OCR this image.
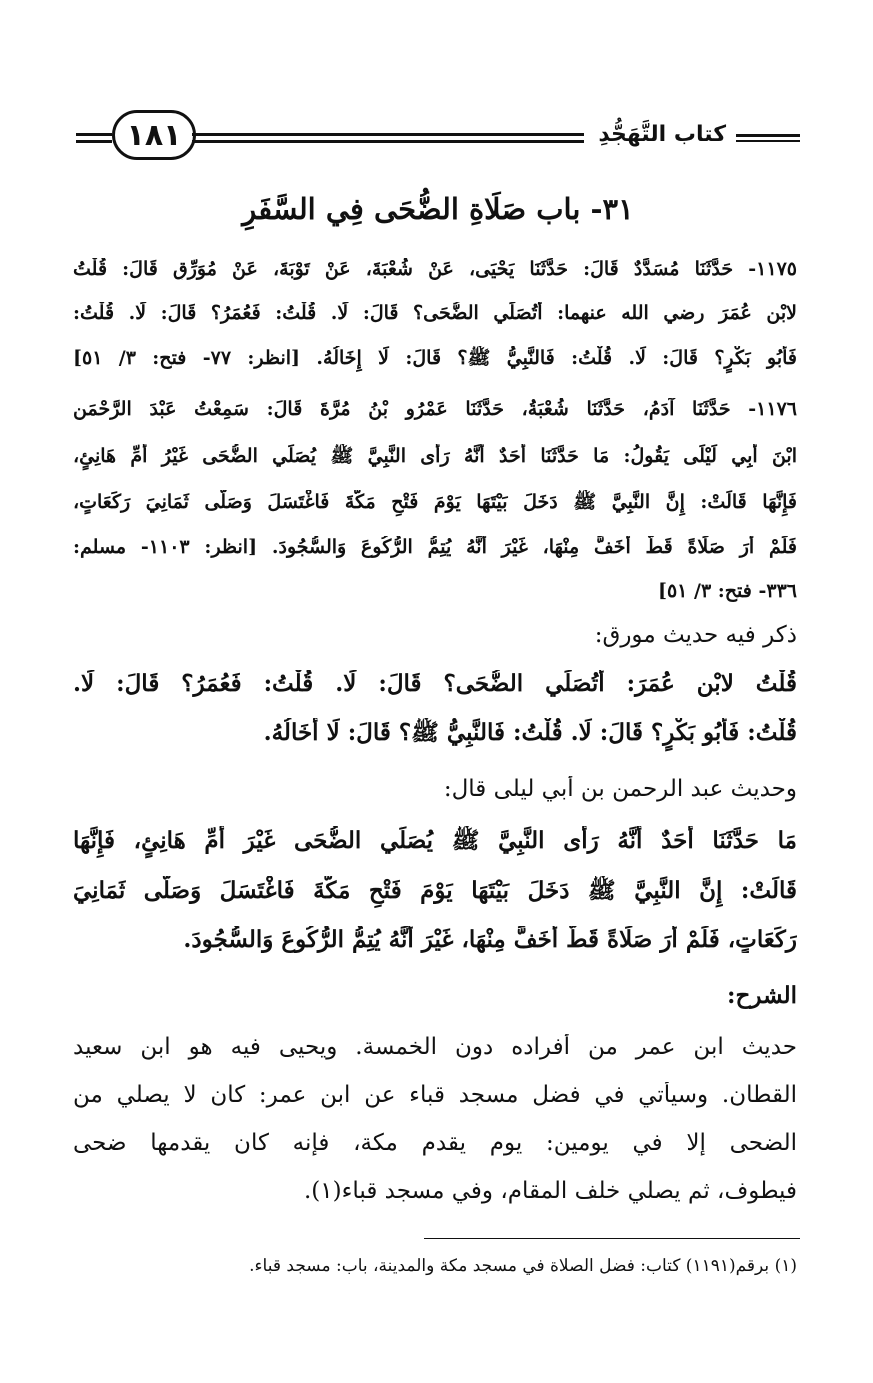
كتاب التَّهَجُّدِ
١٨١
٣١- باب صَلَاةِ الضُّحَى فِي السَّفَرِ
١١٧٥- حَدَّثَنَا مُسَدَّدٌ قَالَ: حَدَّثَنَا يَحْيَى، عَنْ شُعْبَةَ، عَنْ تَوْبَةَ، عَنْ مُوَرِّقٍ قَالَ: قُلْتُ
لابْنِ عُمَرَ رضي الله عنهما: أَتُصَلِّي الضُّحَى؟ قَالَ: لَا. قُلْتُ: فَعُمَرُ؟ قَالَ: لَا. قُلْتُ:
فَأَبُو بَكْرٍ؟ قَالَ: لَا. قُلْتُ: فَالنَّبِيُّ ﷺ؟ قَالَ: لَا إِخَالُهُ. [انظر: ٧٧- فتح: ٣/ ٥١]
١١٧٦- حَدَّثَنَا آدَمُ، حَدَّثَنَا شُعْبَةُ، حَدَّثَنَا عَمْرُو بْنُ مُرَّةَ قَالَ: سَمِعْتُ عَبْدَ الرَّحْمَنِ
ابْنَ أَبِي لَيْلَى يَقُولُ: مَا حَدَّثَنَا أَحَدٌ أَنَّهُ رَأَى النَّبِيَّ ﷺ يُصَلِّي الضُّحَى غَيْرُ أُمِّ هَانِئٍ،
فَإِنَّهَا قَالَتْ: إِنَّ النَّبِيَّ ﷺ دَخَلَ بَيْتَهَا يَوْمَ فَتْحِ مَكَّةَ فَاغْتَسَلَ وَصَلَّى ثَمَانِيَ رَكَعَاتٍ،
فَلَمْ أَرَ صَلَاةً قَطُّ أَخَفَّ مِنْهَا، غَيْرَ أَنَّهُ يُتِمُّ الرُّكُوعَ وَالسُّجُودَ. [انظر: ١١٠٣- مسلم:
٣٣٦- فتح: ٣/ ٥١]
ذكر فيه حديث مورق:
قُلْتُ لابْنِ عُمَرَ: أَتُصَلِّي الضُّحَى؟ قَالَ: لَا. قُلْتُ: فَعُمَرُ؟ قَالَ: لَا.
قُلْتُ: فَأَبُو بَكْرٍ؟ قَالَ: لَا. قُلْتُ: فَالنَّبِيُّ ﷺ؟ قَالَ: لَا أَخَالُهُ.
وحديث عبد الرحمن بن أبي ليلى قال:
مَا حَدَّثَنَا أَحَدٌ أَنَّهُ رَأَى النَّبِيَّ ﷺ يُصَلِّي الضُّحَى غَيْرَ أُمِّ هَانِئٍ، فَإِنَّهَا
قَالَتْ: إِنَّ النَّبِيَّ ﷺ دَخَلَ بَيْتَهَا يَوْمَ فَتْحِ مَكَّةَ فَاغْتَسَلَ وَصَلَّى ثَمَانِيَ
رَكَعَاتٍ، فَلَمْ أَرَ صَلَاةً قَطُّ أَخَفَّ مِنْهَا، غَيْرَ أَنَّهُ يُتِمُّ الرُّكُوعَ وَالسُّجُودَ.
الشرح:
حديث ابن عمر من أفراده دون الخمسة. ويحيى فيه هو ابن سعيد
القطان. وسيأتي في فضل مسجد قباء عن ابن عمر: كان لا يصلي من
الضحى إلا في يومين: يوم يقدم مكة، فإنه كان يقدمها ضحى
فيطوف، ثم يصلي خلف المقام، وفي مسجد قباء(١).
(١) برقم(١١٩١) كتاب: فضل الصلاة في مسجد مكة والمدينة، باب: مسجد قباء.
